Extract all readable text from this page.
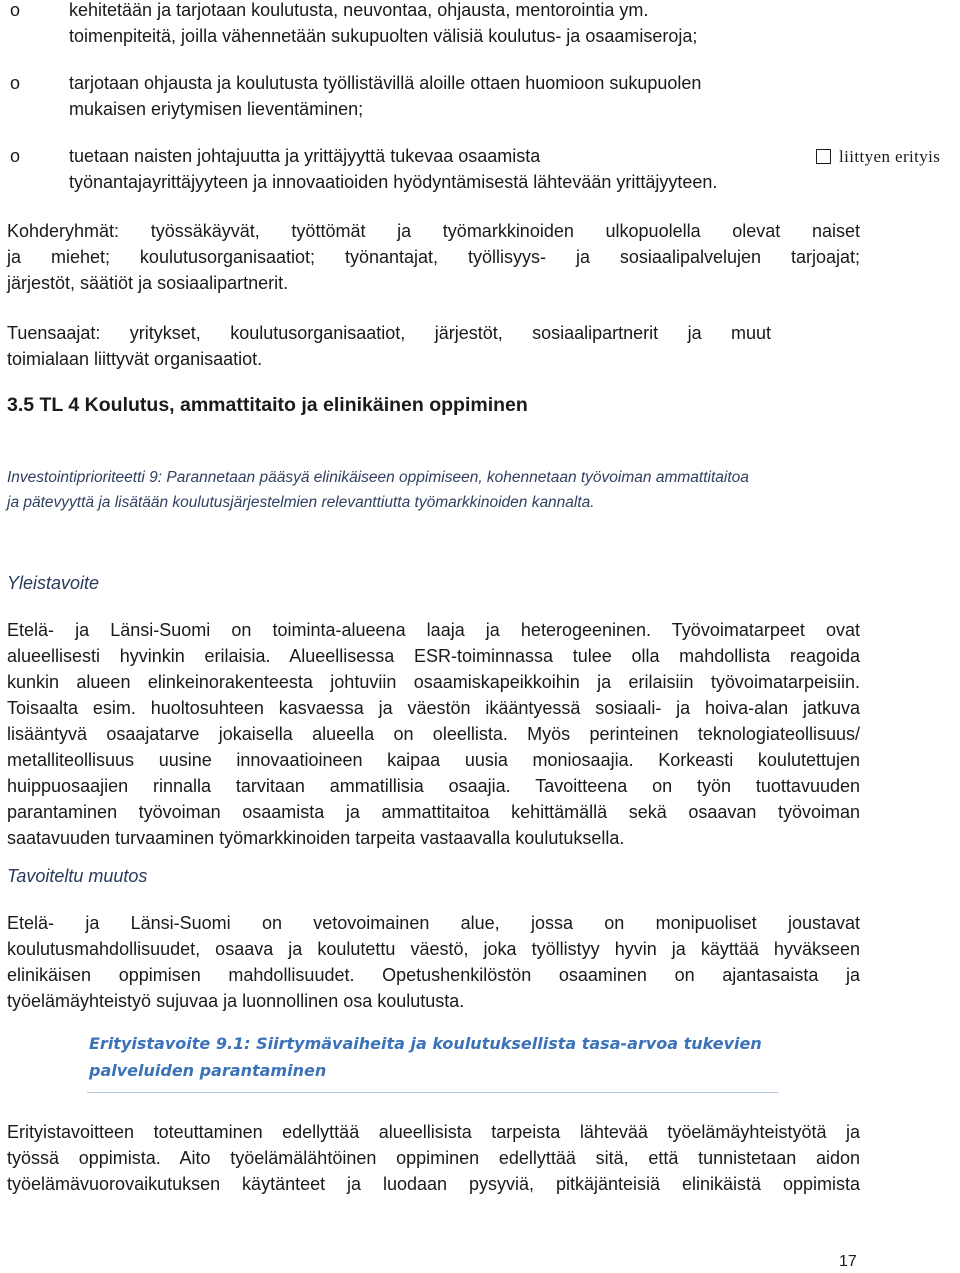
o	kehitetään ja tarjotaan koulutusta, neuvontaa, ohjausta, mentorointia ym.
toimenpiteitä, joilla vähennetään sukupuolten välisiä koulutus- ja osaamiseroja;
o	tarjotaan ohjausta ja koulutusta työllistävillä aloille ottaen huomioon sukupuolen
mukaisen eriytymisen lieventäminen;
o	tuetaan naisten johtajuutta ja yrittäjyyttä tukevaa osaamista
työnantajayrittäjyyteen ja innovaatioiden hyödyntämisestä lähtevään yrittäjyyteen.
liittyen erityis
Kohderyhmät: työssäkäyvät, työttömät ja työmarkkinoiden ulkopuolella olevat naiset
ja miehet; koulutusorganisaatiot; työnantajat, työllisyys- ja sosiaalipalvelujen tarjoajat;
järjestöt, säätiöt ja sosiaalipartnerit.
Tuensaajat: yritykset, koulutusorganisaatiot, järjestöt, sosiaalipartnerit ja muut
toimialaan liittyvät organisaatiot.
3.5 TL 4 Koulutus, ammattitaito ja elinikäinen oppiminen
Investointiprioriteetti 9: Parannetaan pääsyä elinikäiseen oppimiseen, kohennetaan työvoiman ammattitaitoa
ja pätevyyttä ja lisätään koulutusjärjestelmien relevanttiutta työmarkkinoiden kannalta.
Yleistavoite
Etelä- ja Länsi-Suomi on toiminta-alueena laaja ja heterogeeninen. Työvoimatarpeet ovat
alueellisesti hyvinkin erilaisia. Alueellisessa ESR-toiminnassa tulee olla mahdollista reagoida
kunkin alueen elinkeinorakenteesta johtuviin osaamiskapeikkoihin ja erilaisiin työvoimatarpeisiin.
Toisaalta esim. huoltosuhteen kasvaessa ja väestön ikääntyessä sosiaali- ja hoiva-alan jatkuva
lisääntyvä osaajatarve jokaisella alueella on oleellista. Myös perinteinen teknologiateollisuus/
metalliteollisuus uusine innovaatioineen kaipaa uusia moniosaajia. Korkeasti koulutettujen
huippuosaajien rinnalla tarvitaan ammatillisia osaajia. Tavoitteena on työn tuottavuuden
parantaminen työvoiman osaamista ja ammattitaitoa kehittämällä sekä osaavan työvoiman
saatavuuden turvaaminen työmarkkinoiden tarpeita vastaavalla koulutuksella.
Tavoiteltu muutos
Etelä- ja Länsi-Suomi on vetovoimainen alue, jossa on monipuoliset joustavat
koulutusmahdollisuudet, osaava ja koulutettu väestö, joka työllistyy hyvin ja käyttää hyväkseen
elinikäisen oppimisen mahdollisuudet. Opetushenkilöstön osaaminen on ajantasaista ja
työelämäyhteistyö sujuvaa ja luonnollinen osa koulutusta.
Erityistavoite 9.1: Siirtymävaiheita ja koulutuksellista tasa-arvoa tukevien
palveluiden parantaminen
Erityistavoitteen toteuttaminen edellyttää alueellisista tarpeista lähtevää työelämäyhteistyötä ja
työssä oppimista. Aito työelämälähtöinen oppiminen edellyttää sitä, että tunnistetaan aidon
työelämävuorovaikutuksen käytänteet ja luodaan pysyviä, pitkäjänteisiä elinikäistä oppimista
17
